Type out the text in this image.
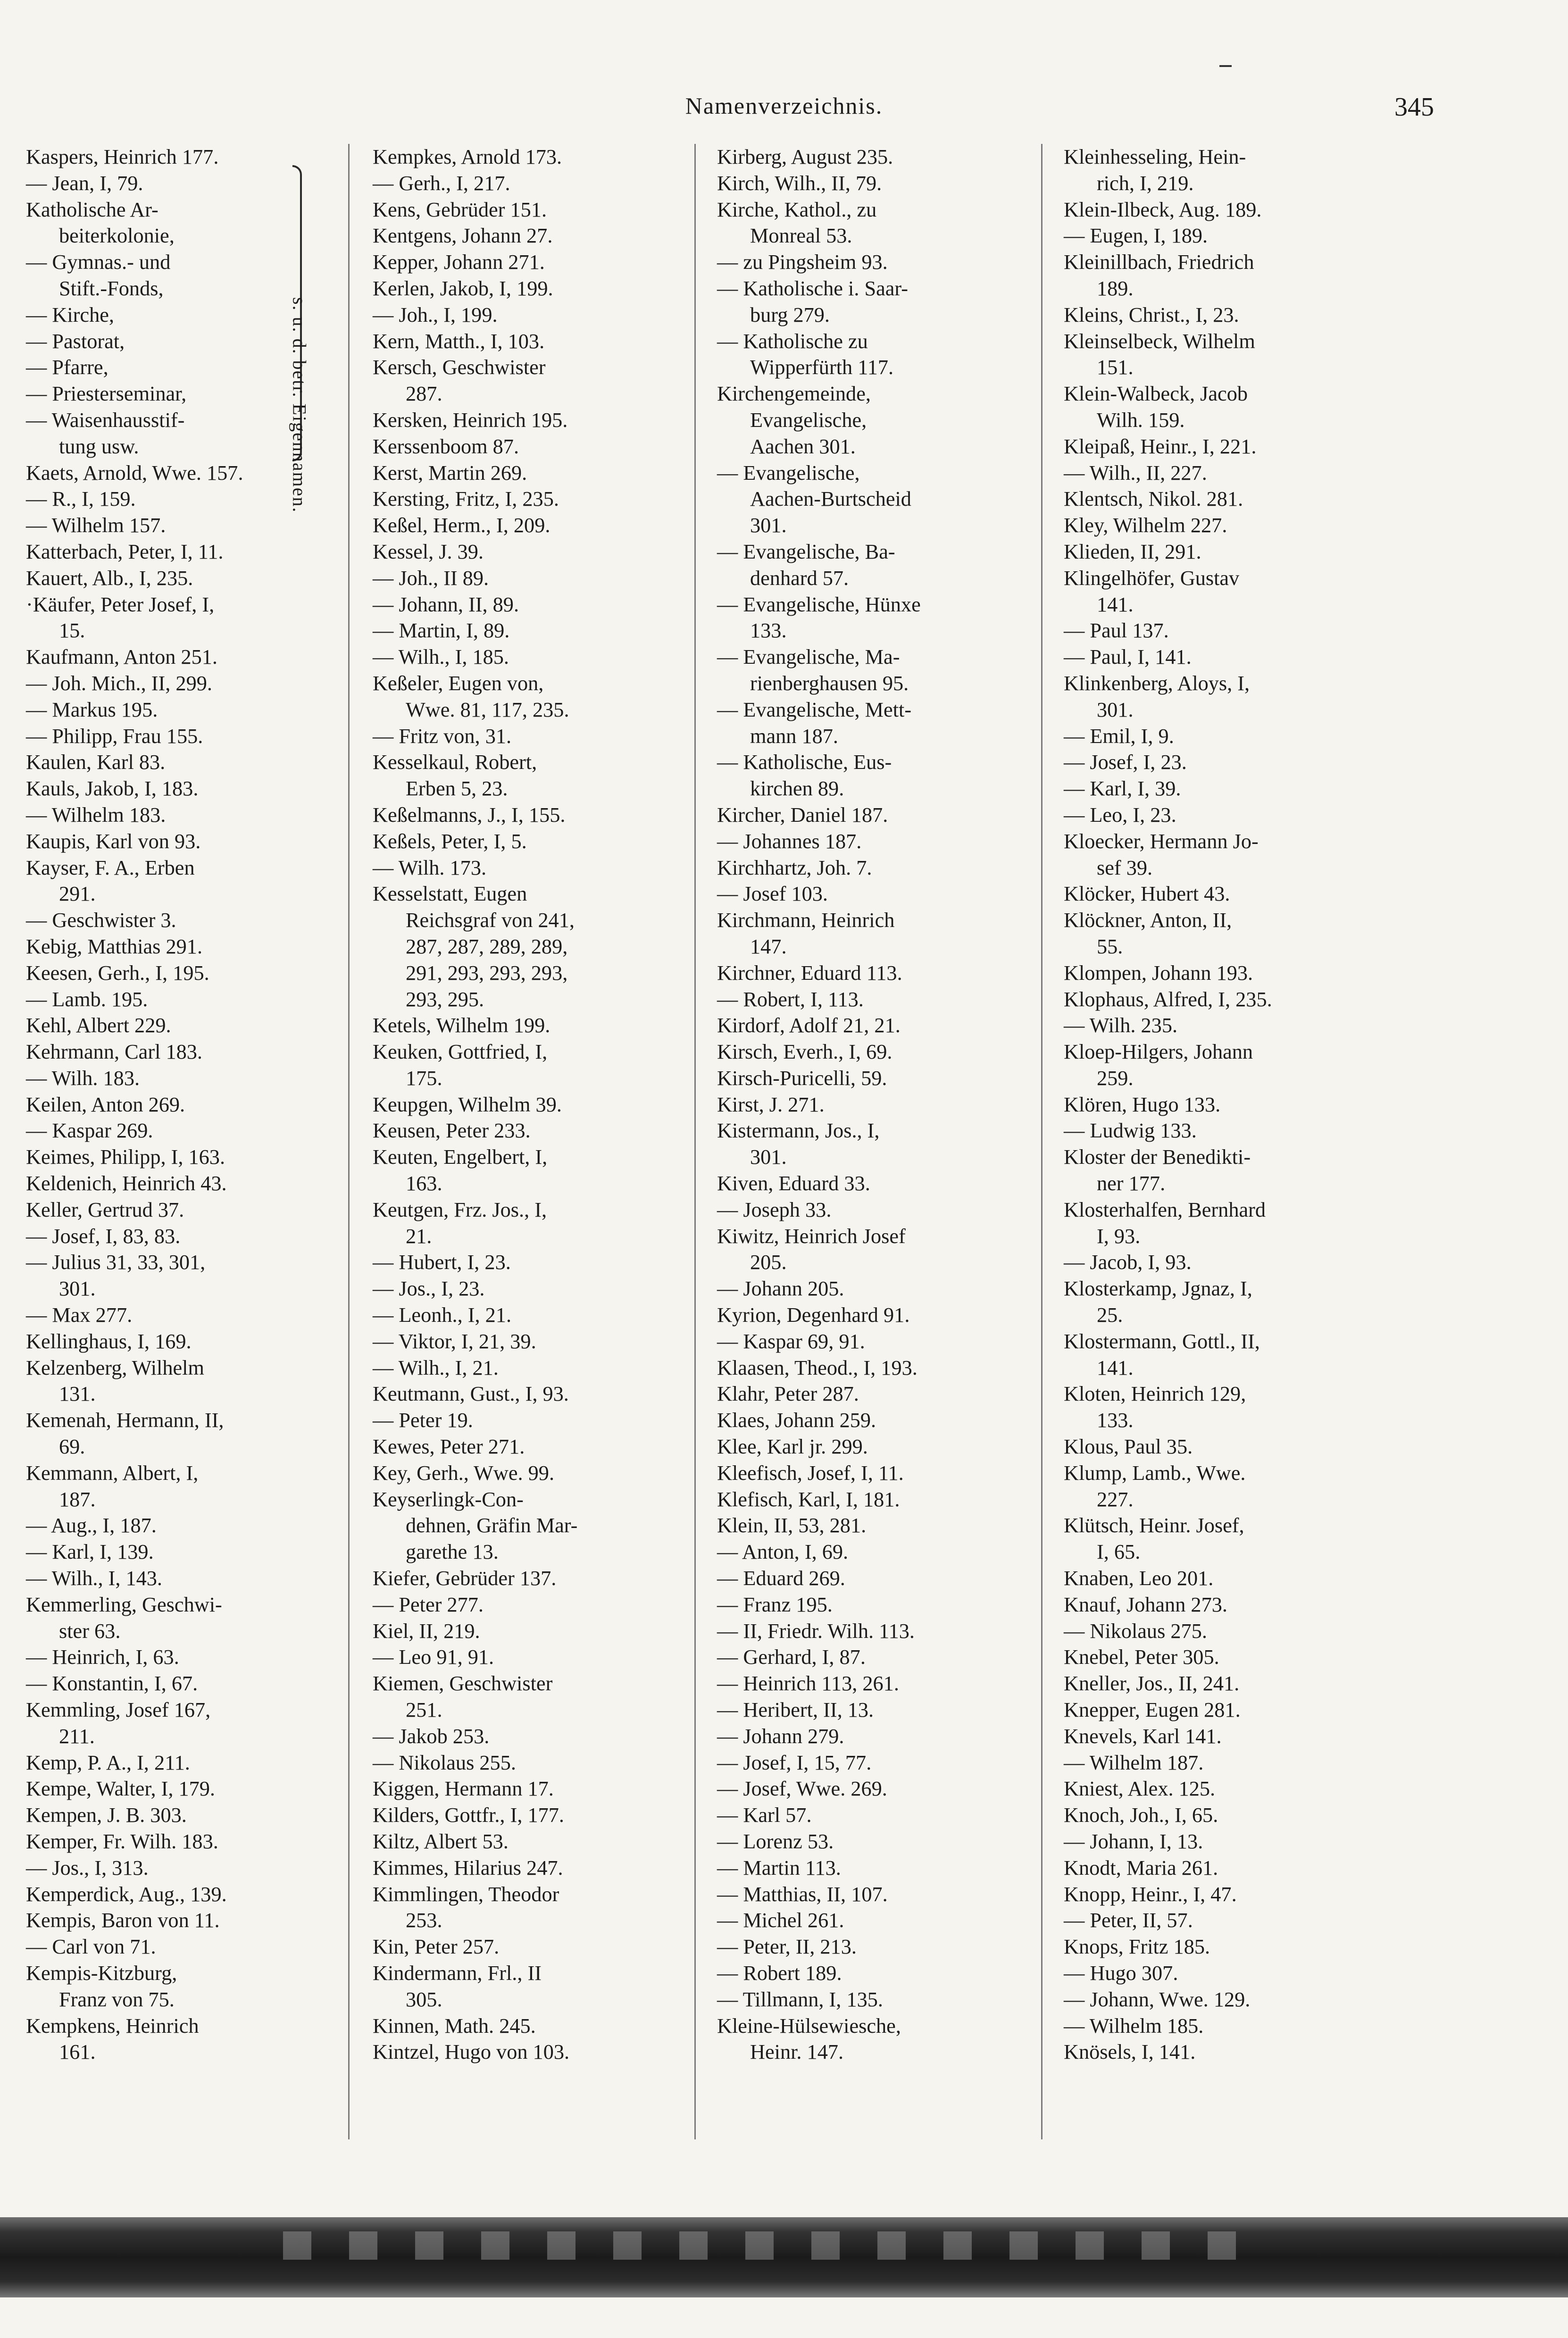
Namenverzeichnis.	345
Kaspers, Heinrich 177.
— Jean, I, 79.
Katholische Ar-
beiterkolonie,
— Gymnas.- und
Stift.-Fonds,
— Kirche,
— Pastorat,
— Pfarre,
— Priesterseminar,
— Waisenhausstif-
tung usw.
Kaets, Arnold, Wwe. 157.
— R., I, 159.
— Wilhelm 157.
Katterbach, Peter, I, 11.
Kauert, Alb., I, 235.
·Käufer, Peter Josef, I,
15.
Kaufmann, Anton 251.
— Joh. Mich., II, 299.
— Markus 195.
— Philipp, Frau 155.
Kaulen, Karl 83.
Kauls, Jakob, I, 183.
— Wilhelm 183.
Kaupis, Karl von 93.
Kayser, F. A., Erben
291.
— Geschwister 3.
Kebig, Matthias 291.
Keesen, Gerh., I, 195.
— Lamb. 195.
Kehl, Albert 229.
Kehrmann, Carl 183.
— Wilh. 183.
Keilen, Anton 269.
— Kaspar 269.
Keimes, Philipp, I, 163.
Keldenich, Heinrich 43.
Keller, Gertrud 37.
— Josef, I, 83, 83.
— Julius 31, 33, 301,
301.
— Max 277.
Kellinghaus, I, 169.
Kelzenberg, Wilhelm
131.
Kemenah, Hermann, II,
69.
Kemmann, Albert, I,
187.
— Aug., I, 187.
— Karl, I, 139.
— Wilh., I, 143.
Kemmerling, Geschwi-
ster 63.
— Heinrich, I, 63.
— Konstantin, I, 67.
Kemmling, Josef 167,
211.
Kemp, P. A., I, 211.
Kempe, Walter, I, 179.
Kempen, J. B. 303.
Kemper, Fr. Wilh. 183.
— Jos., I, 313.
Kemperdick, Aug., 139.
Kempis, Baron von 11.
— Carl von 71.
Kempis-Kitzburg,
Franz von 75.
Kempkens, Heinrich
161.
Kempkes, Arnold 173.
— Gerh., I, 217.
Kens, Gebrüder 151.
Kentgens, Johann 27.
Kepper, Johann 271.
Kerlen, Jakob, I, 199.
— Joh., I, 199.
Kern, Matth., I, 103.
Kersch, Geschwister
287.
Kersken, Heinrich 195.
Kerssenboom 87.
Kerst, Martin 269.
Kersting, Fritz, I, 235.
Keßel, Herm., I, 209.
Kessel, J. 39.
— Joh., II 89.
— Johann, II, 89.
— Martin, I, 89.
— Wilh., I, 185.
Keßeler, Eugen von,
Wwe. 81, 117, 235.
— Fritz von, 31.
Kesselkaul, Robert,
Erben 5, 23.
Keßelmanns, J., I, 155.
Keßels, Peter, I, 5.
— Wilh. 173.
Kesselstatt, Eugen
Reichsgraf von 241,
287, 287, 289, 289,
291, 293, 293, 293,
293, 295.
Ketels, Wilhelm 199.
Keuken, Gottfried, I,
175.
Keupgen, Wilhelm 39.
Keusen, Peter 233.
Keuten, Engelbert, I,
163.
Keutgen, Frz. Jos., I,
21.
— Hubert, I, 23.
— Jos., I, 23.
— Leonh., I, 21.
— Viktor, I, 21, 39.
— Wilh., I, 21.
Keutmann, Gust., I, 93.
— Peter 19.
Kewes, Peter 271.
Key, Gerh., Wwe. 99.
Keyserlingk-Con-
dehnen, Gräfin Mar-
garethe 13.
Kiefer, Gebrüder 137.
— Peter 277.
Kiel, II, 219.
— Leo 91, 91.
Kiemen, Geschwister
251.
— Jakob 253.
— Nikolaus 255.
Kiggen, Hermann 17.
Kilders, Gottfr., I, 177.
Kiltz, Albert 53.
Kimmes, Hilarius 247.
Kimmlingen, Theodor
253.
Kin, Peter 257.
Kindermann, Frl., II
305.
Kinnen, Math. 245.
Kintzel, Hugo von 103.
Kirberg, August 235.
Kirch, Wilh., II, 79.
Kirche, Kathol., zu
Monreal 53.
— zu Pingsheim 93.
— Katholische i. Saar-
burg 279.
— Katholische zu
Wipperfürth 117.
Kirchengemeinde,
Evangelische,
Aachen 301.
— Evangelische,
Aachen-Burtscheid
301.
— Evangelische, Ba-
denhard 57.
— Evangelische, Hünxe
133.
— Evangelische, Ma-
rienberghausen 95.
— Evangelische, Mett-
mann 187.
— Katholische, Eus-
kirchen 89.
Kircher, Daniel 187.
— Johannes 187.
Kirchhartz, Joh. 7.
— Josef 103.
Kirchmann, Heinrich
147.
Kirchner, Eduard 113.
— Robert, I, 113.
Kirdorf, Adolf 21, 21.
Kirsch, Everh., I, 69.
Kirsch-Puricelli, 59.
Kirst, J. 271.
Kistermann, Jos., I,
301.
Kiven, Eduard 33.
— Joseph 33.
Kiwitz, Heinrich Josef
205.
— Johann 205.
Kyrion, Degenhard 91.
— Kaspar 69, 91.
Klaasen, Theod., I, 193.
Klahr, Peter 287.
Klaes, Johann 259.
Klee, Karl jr. 299.
Kleefisch, Josef, I, 11.
Klefisch, Karl, I, 181.
Klein, II, 53, 281.
— Anton, I, 69.
— Eduard 269.
— Franz 195.
— II, Friedr. Wilh. 113.
— Gerhard, I, 87.
— Heinrich 113, 261.
— Heribert, II, 13.
— Johann 279.
— Josef, I, 15, 77.
— Josef, Wwe. 269.
— Karl 57.
— Lorenz 53.
— Martin 113.
— Matthias, II, 107.
— Michel 261.
— Peter, II, 213.
— Robert 189.
— Tillmann, I, 135.
Kleine-Hülsewiesche,
Heinr. 147.
Kleinhesseling, Hein-
rich, I, 219.
Klein-Ilbeck, Aug. 189.
— Eugen, I, 189.
Kleinillbach, Friedrich
189.
Kleins, Christ., I, 23.
Kleinselbeck, Wilhelm
151.
Klein-Walbeck, Jacob
Wilh. 159.
Kleipaß, Heinr., I, 221.
— Wilh., II, 227.
Klentsch, Nikol. 281.
Kley, Wilhelm 227.
Klieden, II, 291.
Klingelhöfer, Gustav
141.
— Paul 137.
— Paul, I, 141.
Klinkenberg, Aloys, I,
301.
— Emil, I, 9.
— Josef, I, 23.
— Karl, I, 39.
— Leo, I, 23.
Kloecker, Hermann Jo-
sef 39.
Klöcker, Hubert 43.
Klöckner, Anton, II,
55.
Klompen, Johann 193.
Klophaus, Alfred, I, 235.
— Wilh. 235.
Kloep-Hilgers, Johann
259.
Klören, Hugo 133.
— Ludwig 133.
Kloster der Benedikti-
ner 177.
Klosterhalfen, Bernhard
I, 93.
— Jacob, I, 93.
Klosterkamp, Jgnaz, I,
25.
Klostermann, Gottl., II,
141.
Kloten, Heinrich 129,
133.
Klous, Paul 35.
Klump, Lamb., Wwe.
227.
Klütsch, Heinr. Josef,
I, 65.
Knaben, Leo 201.
Knauf, Johann 273.
— Nikolaus 275.
Knebel, Peter 305.
Kneller, Jos., II, 241.
Knepper, Eugen 281.
Knevels, Karl 141.
— Wilhelm 187.
Kniest, Alex. 125.
Knoch, Joh., I, 65.
— Johann, I, 13.
Knodt, Maria 261.
Knopp, Heinr., I, 47.
— Peter, II, 57.
Knops, Fritz 185.
— Hugo 307.
— Johann, Wwe. 129.
— Wilhelm 185.
Knösels, I, 141.
s. u. d. betr. Eigennamen.
